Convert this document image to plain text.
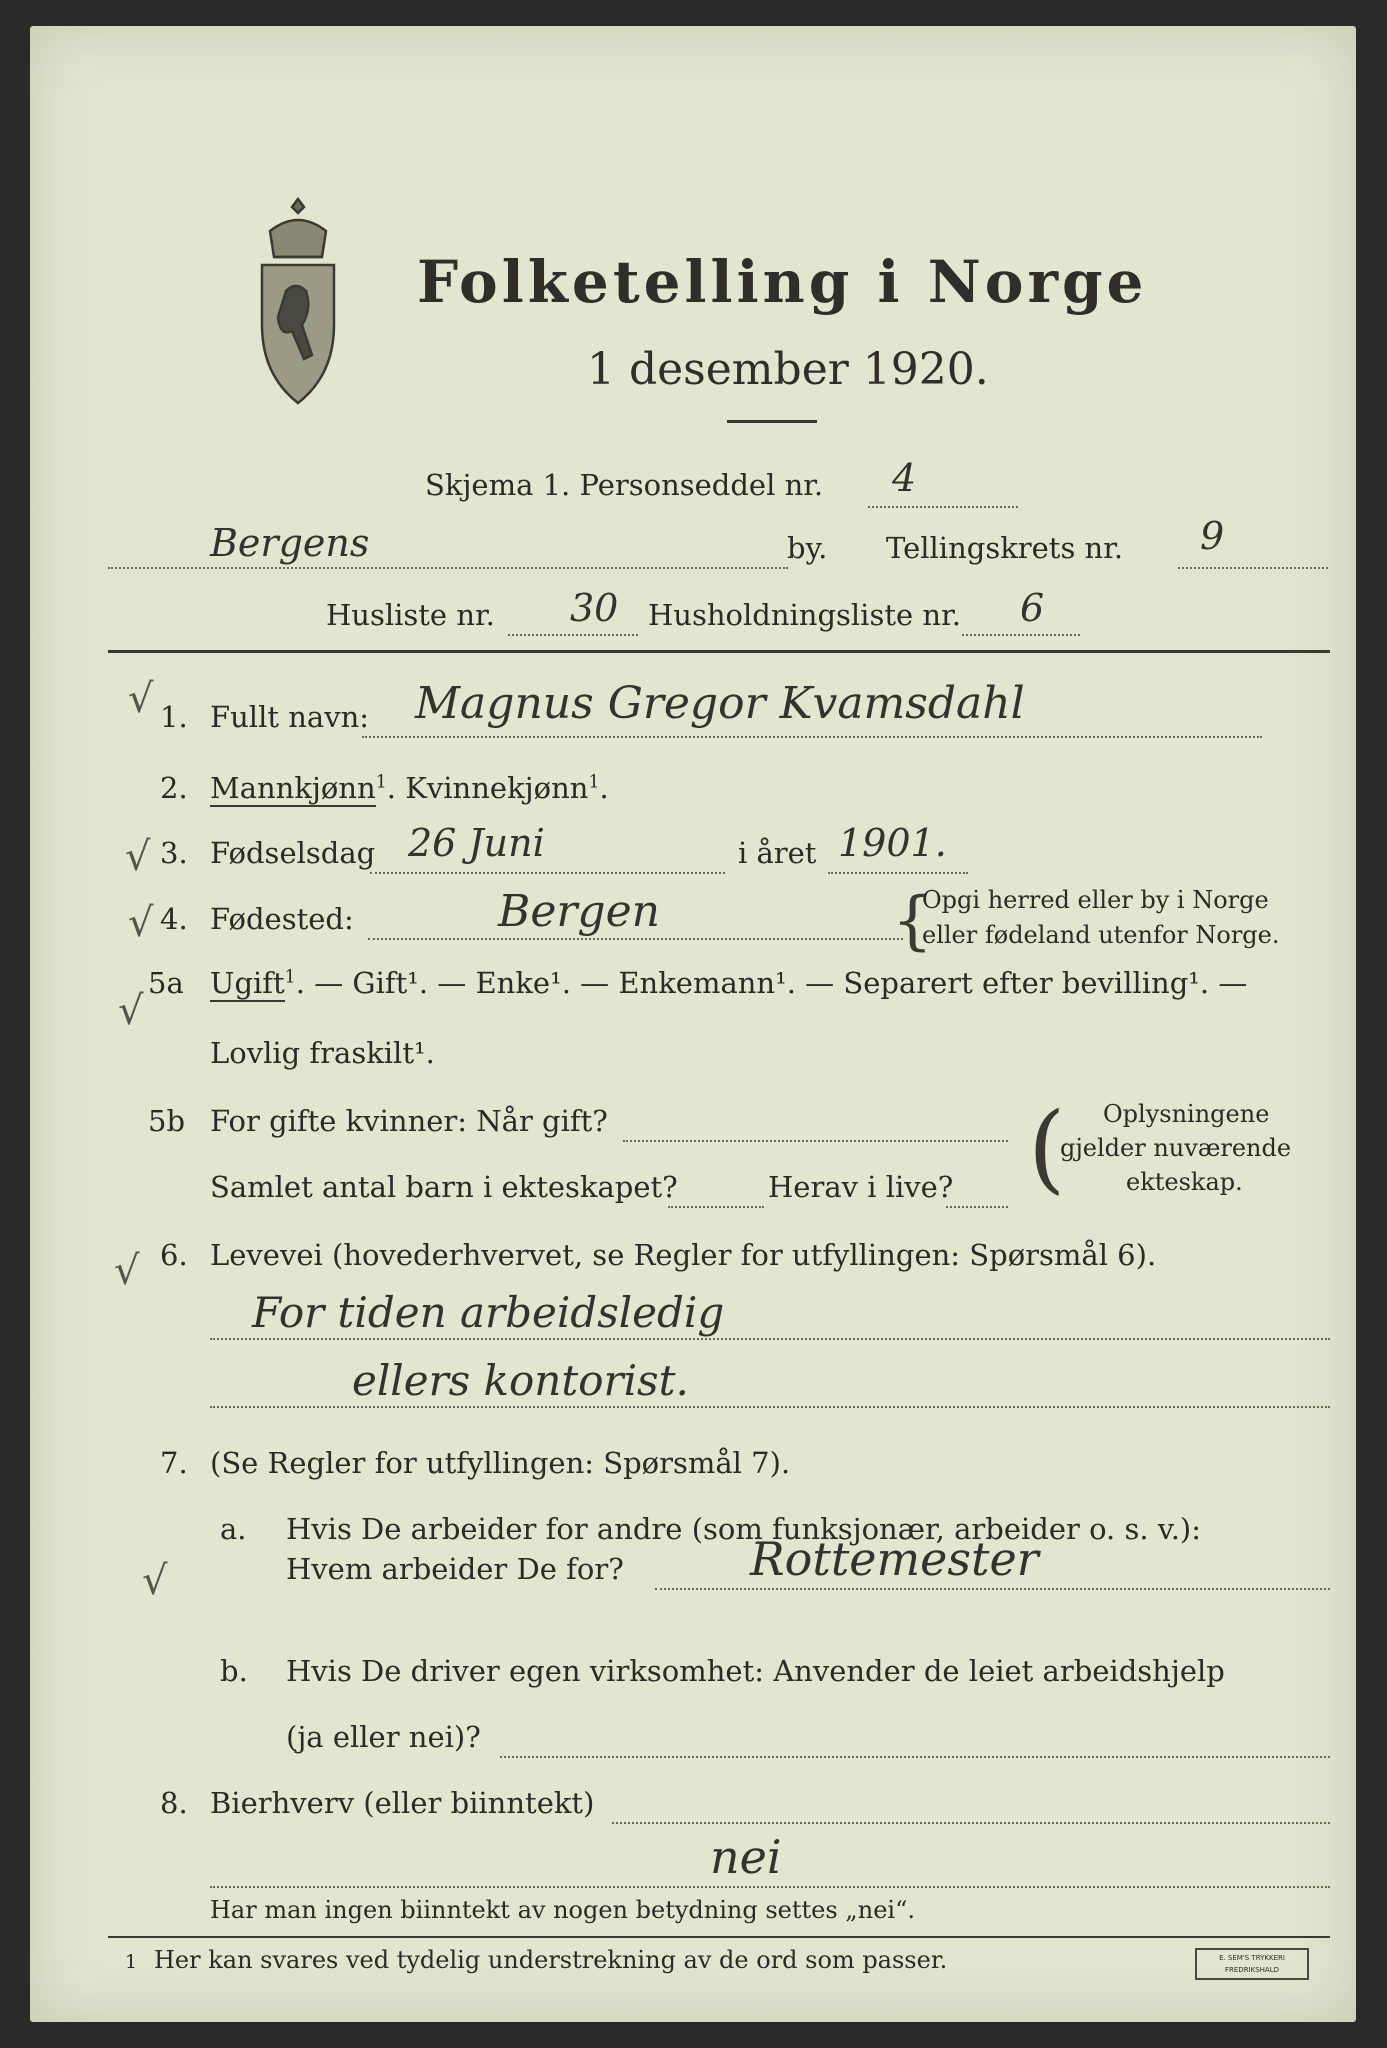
Folketelling i Norge
1 desember 1920.
Skjema 1. Personseddel nr. 4
Bergens	by. Tellingskrets nr. 9
Husliste nr. 30 Husholdningsliste nr. 6
√ 1. Fullt navn: Magnus Gregor Kvamsdahl
2. Mannkjønn$^1$. Kvinnekjønn$^1$.
√ 3. Fødselsdag 26 Juni	i året 1901.
√ 4. Fødested:	Bergen	{
Opgi herred eller by i Norge
eller fødeland utenfor Norge.
√
5a Ugift$^1$. — Gift¹. — Enke¹. — Enkemann¹. — Separert efter bevilling¹. —
Lovlig fraskilt¹.
5b For gifte kvinner: Når gift?
Samlet antal barn i ekteskapet?	Herav i live? ( Oplysningene
gjelder nuværende
ekteskap.
√ 6. Levevei (hovederhvervet, se Regler for utfyllingen: Spørsmål 6).
For tiden arbeidsledig
ellers kontorist.
7. (Se Regler for utfyllingen: Spørsmål 7).
a. Hvis De arbeider for andre (som funksjonær, arbeider o. s. v.):
√	Hvem arbeider De for?	Rottemester
b. Hvis De driver egen virksomhet: Anvender de leiet arbeidshjelp
(ja eller nei)?
8. Bierhverv (eller biinntekt)
nei
Har man ingen biinntekt av nogen betydning settes „nei“.
1 Her kan svares ved tydelig understrekning av de ord som passer.	E. SEM'S TRYKKERI
FREDRIKSHALD
